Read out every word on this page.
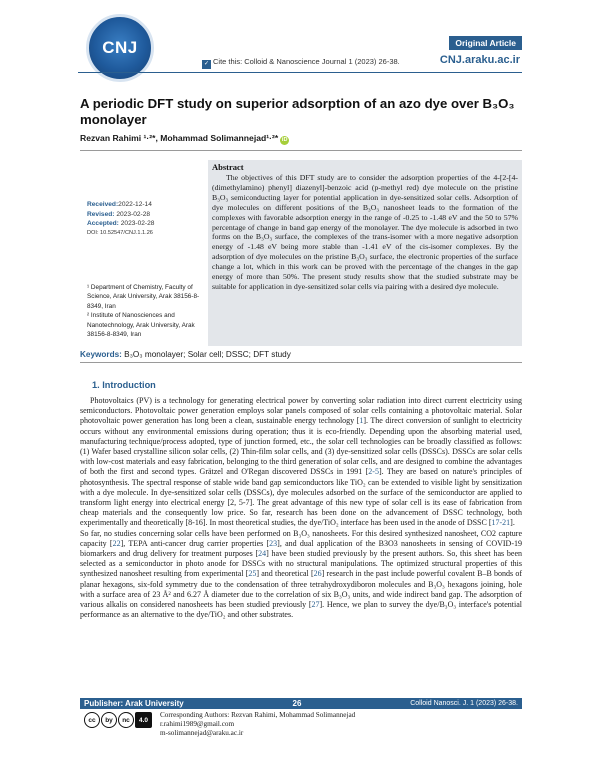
CNJ	Original Article
✓ Cite this: Colloid & Nanoscience Journal 1 (2023) 26-38.	CNJ.araku.ac.ir
A periodic DFT study on superior adsorption of an azo dye over B₃O₃ monolayer
Rezvan Rahimi ¹·²*, Mohammad Solimannejad¹·²* iD
Received:2022-12-14
Revised: 2023-02-28
Accepted: 2023-02-28
DOI: 10.52547/CNJ.1.1.26
¹ Department of Chemistry, Faculty of Science, Arak University, Arak 38156-8-8349, Iran
² Institute of Nanosciences and Nanotechnology, Arak University, Arak 38156-8-8349, Iran
Abstract

The objectives of this DFT study are to consider the adsorption properties of the 4-[2-[4-(dimethylamino) phenyl] diazenyl]-benzoic acid (p-methyl red) dye molecule on the pristine B₃O₃ semiconducting layer for potential application in dye-sensitized solar cells. Adsorption of dye molecules on different positions of the B₃O₃ nanosheet leads to the formation of the complexes with favorable adsorption energy in the range of -0.25 to -1.48 eV and the 50 to 57% percentage of change in band gap energy of the monolayer. The dye molecule is adsorbed in two forms on the B₃O₃ surface, the complexes of the trans-isomer with a more negative adsorption energy of -1.48 eV being more stable than -1.41 eV of the cis-isomer complexes. By the adsorption of dye molecules on the pristine B₃O₃ surface, the electronic properties of the surface change a lot, which in this work can be proved with the percentage of the changes in the gap energy of more than 50%. The present study results show that the studied substrate may be suitable for application in dye-sensitized solar cells via pairing with a desired dye molecule.

Keywords: B₃O₃ monolayer; Solar cell; DSSC; DFT study
1. Introduction

Photovoltaics (PV) is a technology for generating electrical power by converting solar radiation into direct current electricity using semiconductors. Photovoltaic power generation employs solar panels composed of solar cells containing a photovoltaic material. Solar photovoltaic power generation has long been a clean, sustainable energy technology [1]. The direct conversion of sunlight to electricity occurs without any environmental emissions during operation; thus it is eco-friendly. Depending upon the absorbing material used, manufacturing technique/process adopted, type of junction formed, etc., the solar cell technologies can be broadly classified as follows: (1) Wafer based crystalline silicon solar cells, (2) Thin-film solar cells, and (3) dye-sensitized solar cells (DSSCs). DSSCs are solar cells with low-cost materials and easy fabrication, belonging to the third generation of solar cells, and are designed to combine the advantages of both the first and second types. Grätzel and O'Regan discovered DSSCs in 1991 [2-5]. They are based on nature's principles of photosynthesis. The spectral response of stable wide band gap semiconductors like TiO₂ can be extended to visible light by sensitization with a dye molecule. In dye-sensitized solar cells (DSSCs), dye molecules adsorbed on the surface of the semiconductor are applied to transform light energy into electrical energy [2, 5-7]. The great advantage of this new type of solar cell is its ease of fabrication from cheap materials and the consequently low price. So far, research has been done on the advancement of DSSC technology, both experimentally and theoretically [8-16]. In most theoretical studies, the dye/TiO₂ interface has been used in the anode of DSSC [17-21].

So far, no studies concerning solar cells have been performed on B₃O₃ nanosheets. For this desired synthesized nanosheet, CO2 capture capacity [22], TEPA anti-cancer drug carrier properties [23], and dual application of the B3O3 nanosheets in sensing of COVID-19 biomarkers and drug delivery for treatment purposes [24] have been studied previously by the present authors. So, this sheet has been selected as a semiconductor in photo anode for DSSCs with no structural manipulations. The optimized structural properties of this synthesized nanosheet resulting from experimental [25] and theoretical [26] research in the past include powerful covalent B–B bonds of planar hexagons, six-fold symmetry due to the condensation of three tetrahydroxydiboron molecules and B₃O₃ hexagons joining, hole with a surface area of 23 Å² and 6.27 Å diameter due to the correlation of six B₃O₃ units, and wide indirect band gap. The adsorption of various alkalis on considered nanosheets has been studied previously [27]. Hence, we plan to survey the dye/B₃O₃ interface's potential performance as an alternative to the dye/TiO₂ and other substrates.

Publisher: Arak University	26	Colloid Nanosci. J. 1 (2023) 26-38.
cc	by	nc	4.0
Corresponding Authors: Rezvan Rahimi, Mohammad Solimannejad
r.rahimi1989@gmail.com
m-solimannejad@araku.ac.ir
